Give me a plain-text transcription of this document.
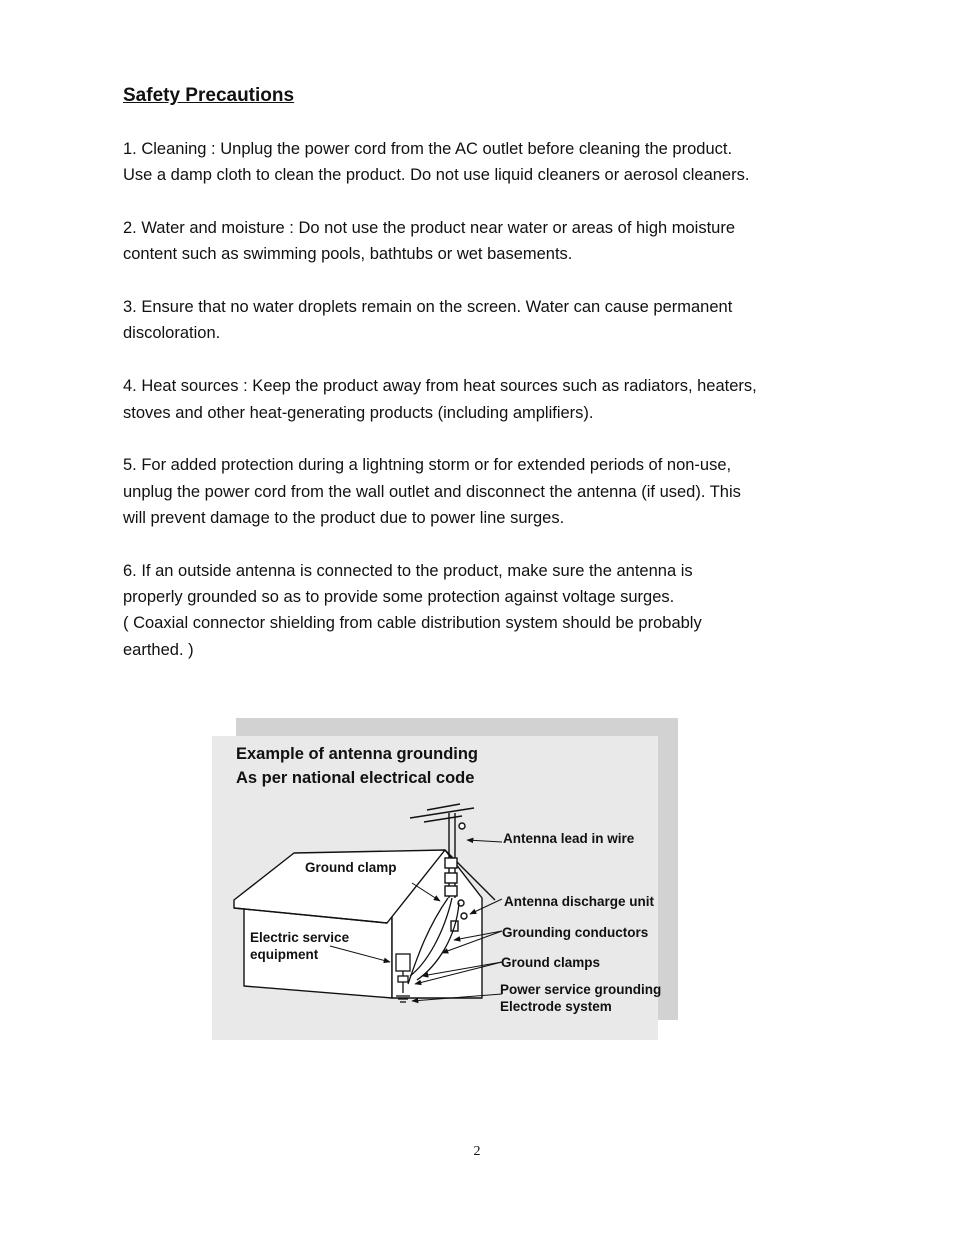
Safety Precautions

1. Cleaning : Unplug the power cord from the AC outlet before cleaning the product.
Use a damp cloth to clean the product. Do not use liquid cleaners or aerosol cleaners.

2. Water and moisture : Do not use the product near water or areas of high moisture
content such as swimming pools, bathtubs or wet basements.

3. Ensure that no water droplets remain on the screen. Water can cause permanent
discoloration.

4. Heat sources : Keep the product away from heat sources such as radiators, heaters,
stoves and other heat-generating products (including amplifiers).

5. For added protection during a lightning storm or for extended periods of non-use,
unplug the power cord from the wall outlet and disconnect the antenna (if used). This
will prevent damage to the product due to power line surges.

6. If an outside antenna is connected to the product, make sure the antenna is
properly grounded so as to provide some protection against voltage surges.
( Coaxial connector shielding from cable distribution system should be probably
earthed. )

Example of antenna grounding
As per national electrical code
Ground clamp
Electric service
equipment
Antenna lead in wire
Antenna discharge unit
Grounding conductors
Ground clamps
Power service grounding
Electrode system
2
